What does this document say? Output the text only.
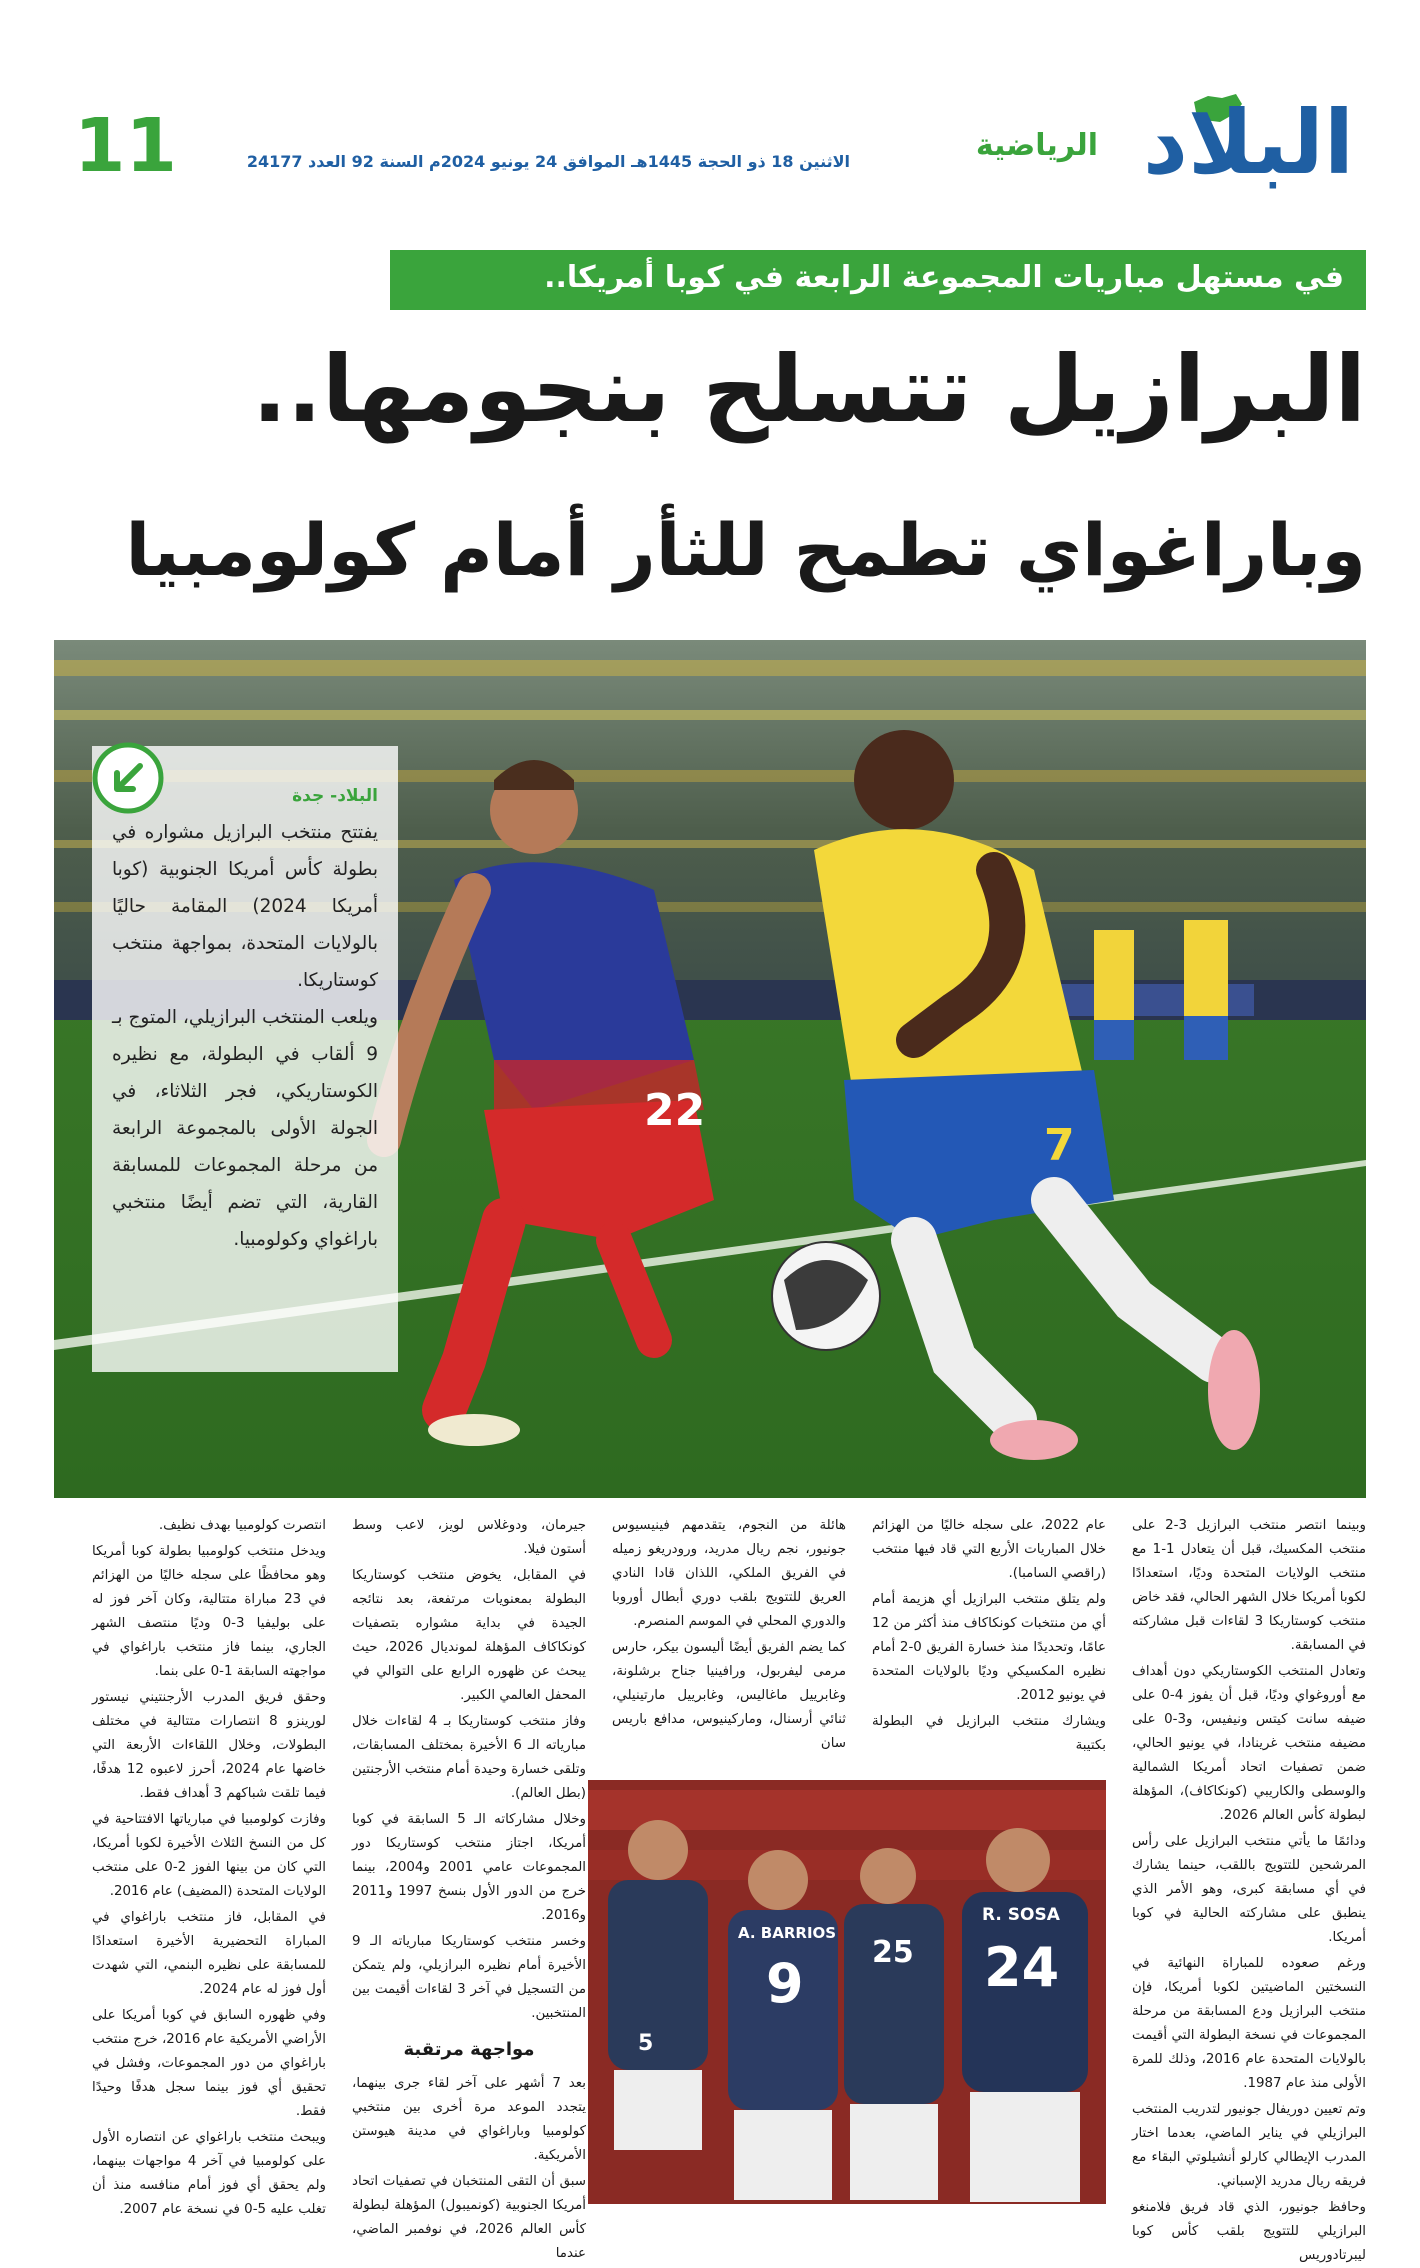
البلاد
الرياضية
الاثنين 18 ذو الحجة 1445هـ الموافق 24 يونيو 2024م السنة 92 العدد 24177
11
في مستهل مباريات المجموعة الرابعة في كوبا أمريكا..
البرازيل تتسلح بنجومها..
وباراغواي تطمح للثأر أمام كولومبيا
22
7
البلاد- جدة

يفتتح منتخب البرازيل مشواره في بطولة كأس أمريكا الجنوبية (كوبا أمريكا 2024) المقامة حاليًا بالولايات المتحدة، بمواجهة منتخب كوستاريكا.

ويلعب المنتخب البرازيلي، المتوج بـ 9 ألقاب في البطولة، مع نظيره الكوستاريكي، فجر الثلاثاء، في الجولة الأولى بالمجموعة الرابعة من مرحلة المجموعات للمسابقة القارية، التي تضم أيضًا منتخبي باراغواي وكولومبيا.

وبينما انتصر منتخب البرازيل 3-2 على منتخب المكسيك، قبل أن يتعادل 1-1 مع منتخب الولايات المتحدة وديًا، استعدادًا لكوبا أمريكا خلال الشهر الحالي، فقد خاض منتخب كوستاريكا 3 لقاءات قبل مشاركته في المسابقة.

وتعادل المنتخب الكوستاريكي دون أهداف مع أوروغواي وديًا، قبل أن يفوز 4-0 على ضيفه سانت كيتس ونيفيس، و3-0 على مضيفه منتخب غرينادا، في يونيو الحالي، ضمن تصفيات اتحاد أمريكا الشمالية والوسطى والكاريبي (كونكاكاف)، المؤهلة لبطولة كأس العالم 2026.

ودائمًا ما يأتي منتخب البرازيل على رأس المرشحين للتتويج باللقب، حينما يشارك في أي مسابقة كبرى، وهو الأمر الذي ينطبق على مشاركته الحالية في كوبا أمريكا.

ورغم صعوده للمباراة النهائية في النسختين الماضيتين لكوبا أمريكا، فإن منتخب البرازيل ودع المسابقة من مرحلة المجموعات في نسخة البطولة التي أقيمت بالولايات المتحدة عام 2016، وذلك للمرة الأولى منذ عام 1987.

وتم تعيين دوريفال جونيور لتدريب المنتخب البرازيلي في يناير الماضي، بعدما اختار المدرب الإيطالي كارلو أنشيلوتي البقاء مع فريقه ريال مدريد الإسباني.

وحافظ جونيور، الذي قاد فريق فلامنغو البرازيلي للتتويج بلقب كأس كوبا ليبرتادوريس

عام 2022، على سجله خاليًا من الهزائم خلال المباريات الأربع التي قاد فيها منتخب (راقصي السامبا).

ولم يتلق منتخب البرازيل أي هزيمة أمام أي من منتخبات كونكاكاف منذ أكثر من 12 عامًا، وتحديدًا منذ خسارة الفريق 0-2 أمام نظيره المكسيكي وديًا بالولايات المتحدة في يونيو 2012.

ويشارك منتخب البرازيل في البطولة بكتيبة

هائلة من النجوم، يتقدمهم فينيسيوس جونيور، نجم ريال مدريد، ورودريغو زميله في الفريق الملكي، اللذان قادا النادي العريق للتتويج بلقب دوري أبطال أوروبا والدوري المحلي في الموسم المنصرم.

كما يضم الفريق أيضًا أليسون بيكر، حارس مرمى ليفربول، ورافينيا جناح برشلونة، وغابرييل ماغاليس، وغابرييل مارتينيلي، ثنائي أرسنال، وماركينيوس، مدافع باريس سان

جيرمان، ودوغلاس لويز، لاعب وسط أستون فيلا.

في المقابل، يخوض منتخب كوستاريكا البطولة بمعنويات مرتفعة، بعد نتائجه الجيدة في بداية مشواره بتصفيات كونكاكاف المؤهلة لمونديال 2026، حيث يبحث عن ظهوره الرابع على التوالي في المحفل العالمي الكبير.

وفاز منتخب كوستاريكا بـ 4 لقاءات خلال مبارياته الـ 6 الأخيرة بمختلف المسابقات، وتلقى خسارة وحيدة أمام منتخب الأرجنتين (بطل العالم).

وخلال مشاركاته الـ 5 السابقة في كوبا أمريكا، اجتاز منتخب كوستاريكا دور المجموعات عامي 2001 و2004، بينما خرج من الدور الأول بنسخ 1997 و2011 و2016.

وخسر منتخب كوستاريكا مبارياته الـ 9 الأخيرة أمام نظيره البرازيلي، ولم يتمكن من التسجيل في آخر 3 لقاءات أقيمت بين المنتخبين.

مواجهة مرتقبة

بعد 7 أشهر على آخر لقاء جرى بينهما، يتجدد الموعد مرة أخرى بين منتخبي كولومبيا وباراغواي في مدينة هيوستن الأمريكية.

سبق أن التقى المنتخبان في تصفيات اتحاد أمريكا الجنوبية (كونميبول) المؤهلة لبطولة كأس العالم 2026، في نوفمبر الماضي، عندما

انتصرت كولومبيا بهدف نظيف.

ويدخل منتخب كولومبيا بطولة كوبا أمريكا وهو محافظًا على سجله خاليًا من الهزائم في 23 مباراة متتالية، وكان آخر فوز له على بوليفيا 3-0 وديًا منتصف الشهر الجاري، بينما فاز منتخب باراغواي في مواجهته السابقة 1-0 على بنما.

وحقق فريق المدرب الأرجنتيني نيستور لورينزو 8 انتصارات متتالية في مختلف البطولات، وخلال اللقاءات الأربعة التي خاضها عام 2024، أحرز لاعبوه 12 هدفًا، فيما تلقت شباكهم 3 أهداف فقط.

وفازت كولومبيا في مبارياتها الافتتاحية في كل من النسخ الثلاث الأخيرة لكوبا أمريكا، التي كان من بينها الفوز 2-0 على منتخب الولايات المتحدة (المضيف) عام 2016.

في المقابل، فاز منتخب باراغواي في المباراة التحضيرية الأخيرة استعدادًا للمسابقة على نظيره البنمي، التي شهدت أول فوز له عام 2024.

وفي ظهوره السابق في كوبا أمريكا على الأراضي الأمريكية عام 2016، خرج منتخب باراغواي من دور المجموعات، وفشل في تحقيق أي فوز بينما سجل هدفًا وحيدًا فقط.

ويبحث منتخب باراغواي عن انتصاره الأول على كولومبيا في آخر 4 مواجهات بينهما، ولم يحقق أي فوز أمام منافسه منذ أن تغلب عليه 5-0 في نسخة عام 2007.

5
A. BARRIOS
9 25
R. SOSA
24
